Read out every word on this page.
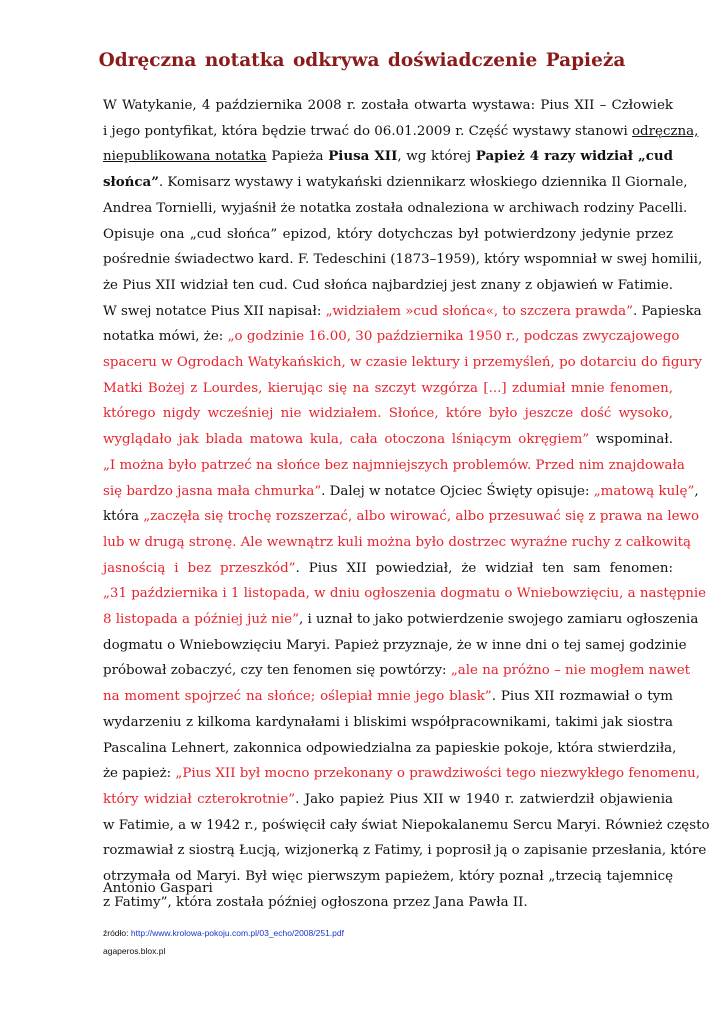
Odręczna notatka odkrywa doświadczenie Papieża
W Watykanie, 4 października 2008 r. została otwarta wystawa: Pius XII – Człowiek
i jego pontyfikat, która będzie trwać do 06.01.2009 r. Część wystawy stanowi odręczna,
niepublikowana notatka Papieża Piusa XII, wg której Papież 4 razy widział „cud
słońca”. Komisarz wystawy i watykański dziennikarz włoskiego dziennika Il Giornale,
Andrea Tornielli, wyjaśnił że notatka została odnaleziona w archiwach rodziny Pacelli.
Opisuje ona „cud słońca” epizod, który dotychczas był potwierdzony jedynie przez
pośrednie świadectwo kard. F. Tedeschini (1873–1959), który wspomniał w swej homilii,
że Pius XII widział ten cud. Cud słońca najbardziej jest znany z objawień w Fatimie.
W swej notatce Pius XII napisał: „widziałem »cud słońca«, to szczera prawda”. Papieska
notatka mówi, że: „o godzinie 16.00, 30 października 1950 r., podczas zwyczajowego
spaceru w Ogrodach Watykańskich, w czasie lektury i przemyśleń, po dotarciu do figury
Matki Bożej z Lourdes, kierując się na szczyt wzgórza [...] zdumiał mnie fenomen,
którego nigdy wcześniej nie widziałem. Słońce, które było jeszcze dość wysoko,
wyglądało jak blada matowa kula, cała otoczona lśniącym okręgiem” wspominał.
„I można było patrzeć na słońce bez najmniejszych problemów. Przed nim znajdowała
się bardzo jasna mała chmurka”. Dalej w notatce Ojciec Święty opisuje: „matową kulę”,
która „zaczęła się trochę rozszerzać, albo wirować, albo przesuwać się z prawa na lewo
lub w drugą stronę. Ale wewnątrz kuli można było dostrzec wyraźne ruchy z całkowitą
jasnością i bez przeszkód”. Pius XII powiedział, że widział ten sam fenomen:
„31 października i 1 listopada, w dniu ogłoszenia dogmatu o Wniebowzięciu, a następnie
8 listopada a później już nie”, i uznał to jako potwierdzenie swojego zamiaru ogłoszenia
dogmatu o Wniebowzięciu Maryi. Papież przyznaje, że w inne dni o tej samej godzinie
próbował zobaczyć, czy ten fenomen się powtórzy: „ale na próżno – nie mogłem nawet
na moment spojrzeć na słońce; oślepiał mnie jego blask”. Pius XII rozmawiał o tym
wydarzeniu z kilkoma kardynałami i bliskimi współpracownikami, takimi jak siostra
Pascalina Lehnert, zakonnica odpowiedzialna za papieskie pokoje, która stwierdziła,
że papież: „Pius XII był mocno przekonany o prawdziwości tego niezwykłego fenomenu,
który widział czterokrotnie”. Jako papież Pius XII w 1940 r. zatwierdził objawienia
w Fatimie, a w 1942 r., poświęcił cały świat Niepokalanemu Sercu Maryi. Również często
rozmawiał z siostrą Łucją, wizjonerką z Fatimy, i poprosił ją o zapisanie przesłania, które
otrzymała od Maryi. Był więc pierwszym papieżem, który poznał „trzecią tajemnicę
z Fatimy”, która została później ogłoszona przez Jana Pawła II.
Antonio Gaspari
źródło: http://www.krolowa-pokoju.com.pl/03_echo/2008/251.pdf
agaperos.blox.pl
